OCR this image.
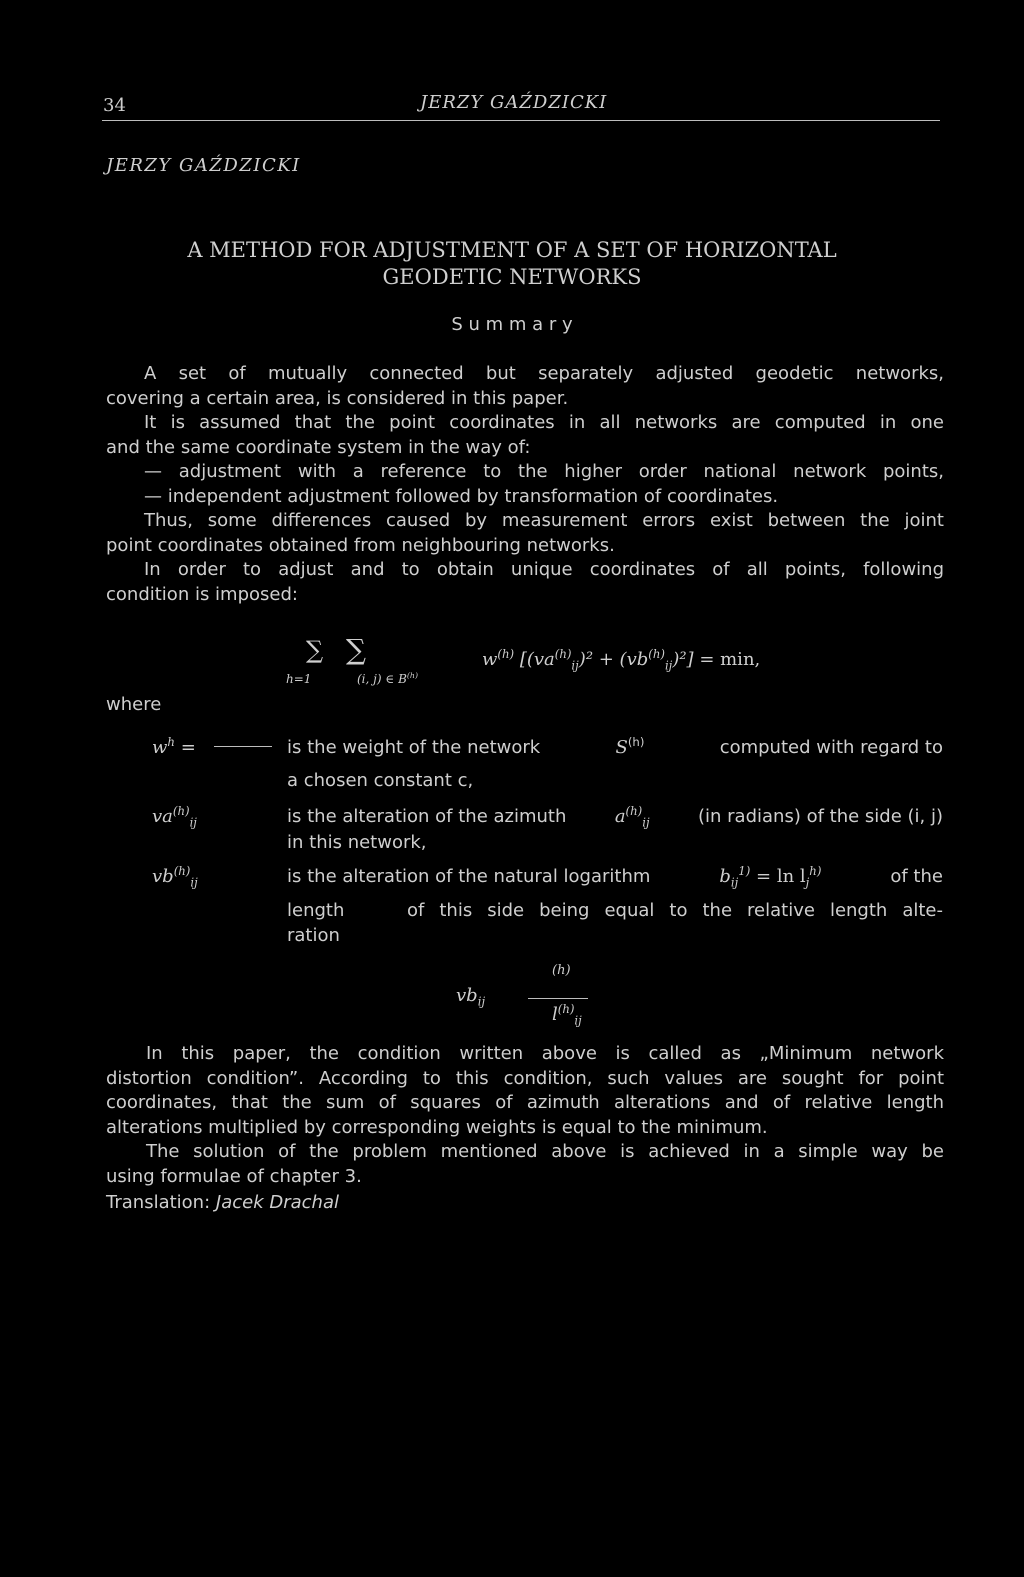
34	JERZY GAŹDZICKI
JERZY GAŹDZICKI
A METHOD FOR ADJUSTMENT OF A SET OF HORIZONTAL
GEODETIC NETWORKS
S u m m a r y
A set of mutually connected but separately adjusted geodetic networks,
covering a certain area, is considered in this paper.
It is assumed that the point coordinates in all networks are computed in one
and the same coordinate system in the way of:
— adjustment with a reference to the higher order national network points,
— independent adjustment followed by transformation of coordinates.
Thus, some differences caused by measurement errors exist between the joint
point coordinates obtained from neighbouring networks.
In order to adjust and to obtain unique coordinates of all points, following
condition is imposed:
∑ ∑
h=1	(i, j) ∈ $B^{(h)}$
$w^{(h)}$ $[(va^{(h)}_{ij})^2 + (vb^{(h)}_{ij})^2] = \min$,
where
$w^h$ =	is the weight of the network	$S^{(h)}$	computed with regard to
a chosen constant c,
$va^{(h)}_{ij}$	is the alteration of the azimuth	$a^{(h)}_{ij}$	(in radians) of the side (i, j)
in this network,
$vb^{(h)}_{ij}$	is the alteration of the natural logarithm	$b_{ij}^{1)} = \ln l_j^{h)}$	of the
length	of this side being equal to the relative length alte-
ration
$vb_{ij}$
(h)
$l^{(h)}_{ij}$
In this paper, the condition written above is called as „Minimum network
distortion condition”. According to this condition, such values are sought for point
coordinates, that the sum of squares of azimuth alterations and of relative length
alterations multiplied by corresponding weights is equal to the minimum.
The solution of the problem mentioned above is achieved in a simple way be
using formulae of chapter 3.
Translation: Jacek Drachal
